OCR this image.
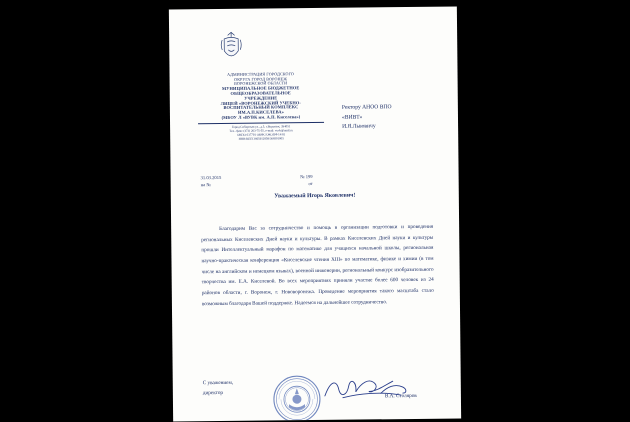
АДМИНИСТРАЦИЯ ГОРОДСКОГО
ОКРУГА ГОРОД ВОРОНЕЖ
ВОРОНЕЖСКОЙ ОБЛАСТИ
МУНИЦИПАЛЬНОЕ БЮДЖЕТНОЕ
ОБЩЕОБРАЗОВАТЕЛЬНОЕ
УЧРЕЖДЕНИЕ
ЛИЦЕЙ «ВОРОНЕЖСКИЙ УЧЕБНО-
ВОСПИТАТЕЛЬНЫЙ КОМПЛЕКС
ИМ.А.П.КИСЕЛЕВА»
(МБОУ Л «ВУВК им. А.П. Киселева»)
Город Сибирская ул., д.5, г.Воронеж, 394051
Тел. /факс (473) 263-75-55, e-mail: vuvk@mail.ru
ОКПО 037791 ОКФС/ОКОПФ 14/81
ИНН/КПП 3665912858/366501005
31.03.2015	№ 199
на №	от
Ректору АНОО ВПО
«ВИВТ»
И.Я.Львовичу
Уважаемый Игорь Яковлевич!
Благодарим Вас за сотрудничество и помощь в организации подготовки и проведения региональных Киселевских Дней науки и культуры. В рамках Киселевских Дней науки и культуры прошли Интеллектуальный марафон по математике для учащихся начальной школы, региональная научно-практическая конференция «Киселевские чтения XIII» по математике, физике и химии (в том числе на английском и немецком языках), военной инженерии, региональный конкурс изобразительного творчества им. Е.А. Киселевой. Во всех мероприятиях приняли участие более 600 человек из 24 районов области, г. Воронеж, г. Нововоронежа. Проведение мероприятия такого масштаба стало возможным благодаря Вашей поддержке. Надеемся на дальнейшее сотрудничество.
С уважением,
директор	В.А. Столяров
